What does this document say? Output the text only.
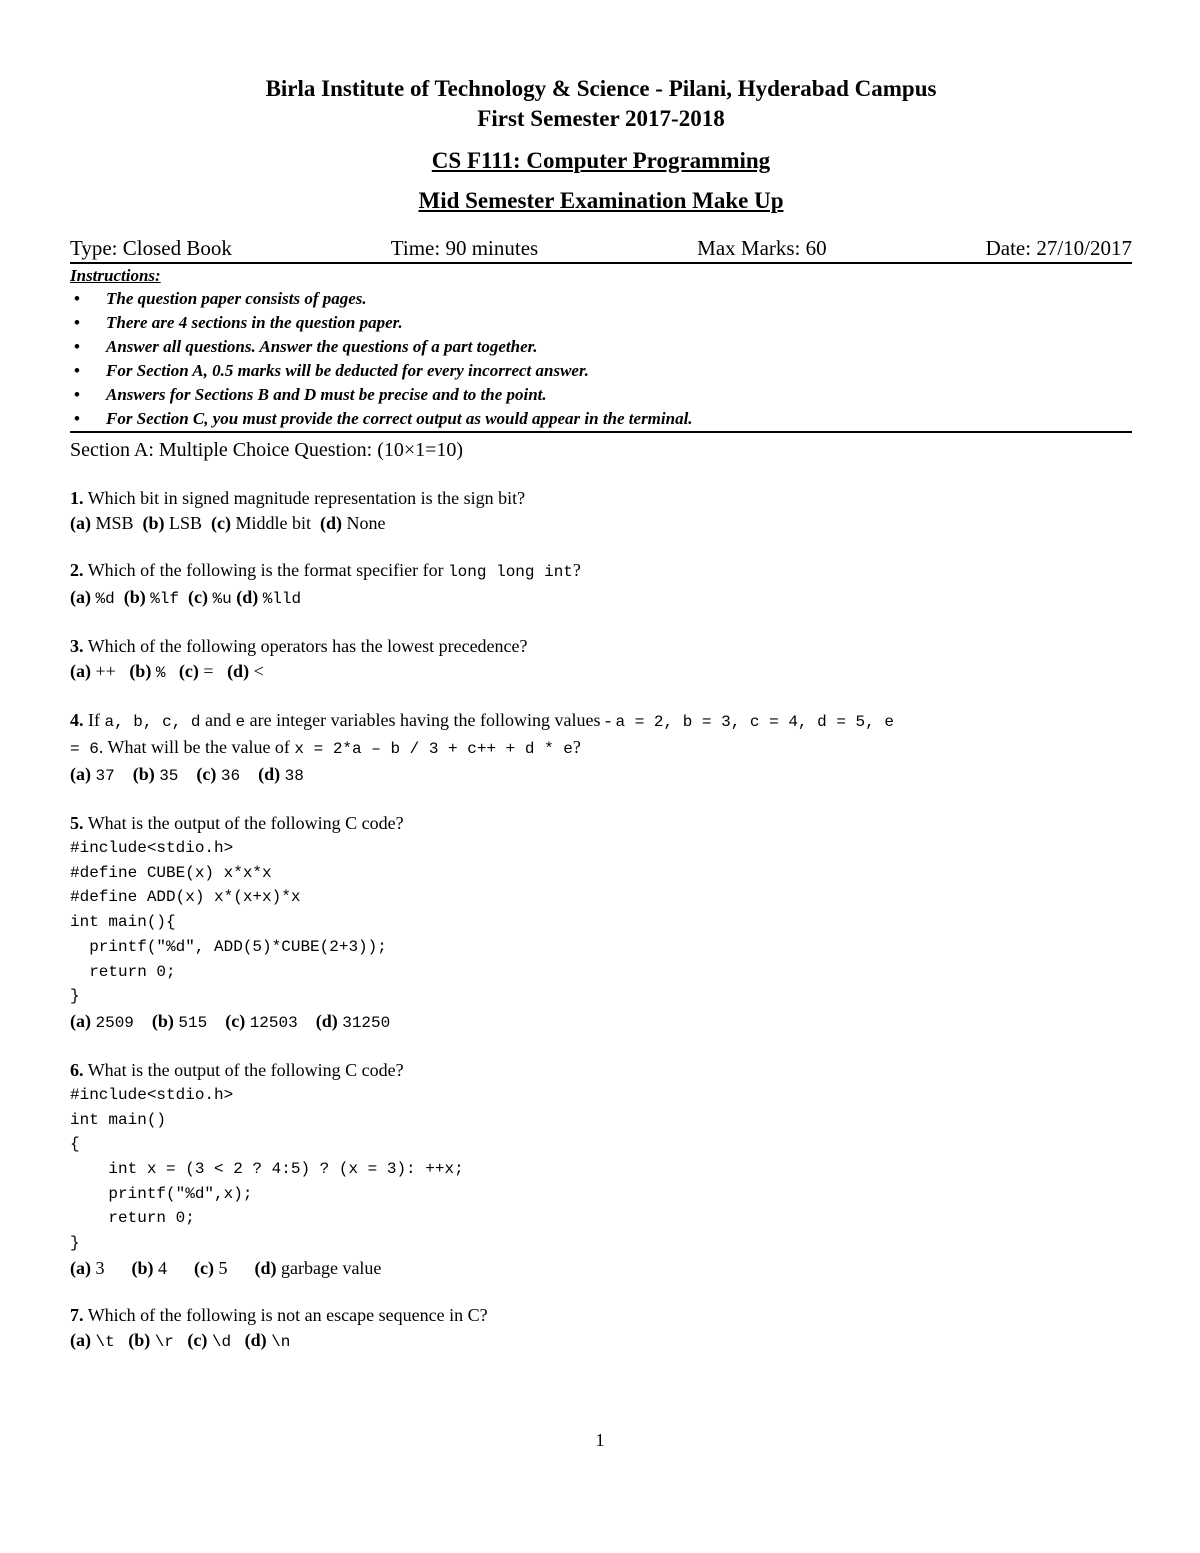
Birla Institute of Technology & Science - Pilani, Hyderabad Campus
First Semester 2017-2018
CS F111: Computer Programming
Mid Semester Examination Make Up
Type: Closed Book	Time: 90 minutes	Max Marks: 60	Date: 27/10/2017
Instructions:
• The question paper consists of pages.
• There are 4 sections in the question paper.
• Answer all questions. Answer the questions of a part together.
• For Section A, 0.5 marks will be deducted for every incorrect answer.
• Answers for Sections B and D must be precise and to the point.
• For Section C, you must provide the correct output as would appear in the terminal.
Section A: Multiple Choice Question: (10×1=10)
1. Which bit in signed magnitude representation is the sign bit?
(a) MSB (b) LSB (c) Middle bit (d) None
2. Which of the following is the format specifier for long long int?
(a) %d (b) %lf (c) %u (d) %lld
3. Which of the following operators has the lowest precedence?
(a) ++ (b) % (c) = (d) <
4. If a, b, c, d and e are integer variables having the following values - a = 2, b = 3, c = 4, d = 5, e
= 6. What will be the value of x = 2*a – b / 3 + c++ + d * e?
(a) 37 (b) 35 (c) 36 (d) 38
5. What is the output of the following C code?
#include<stdio.h>
#define CUBE(x) x*x*x
#define ADD(x) x*(x+x)*x
int main(){
printf("%d", ADD(5)*CUBE(2+3));
return 0;
}
(a) 2509 (b) 515 (c) 12503 (d) 31250
6. What is the output of the following C code?
#include<stdio.h>
int main()
{
int x = (3 < 2 ? 4:5) ? (x = 3): ++x;
printf("%d",x);
return 0;
}
(a) 3 (b) 4 (c) 5 (d) garbage value
7. Which of the following is not an escape sequence in C?
(a) \t (b) \r (c) \d (d) \n
1
